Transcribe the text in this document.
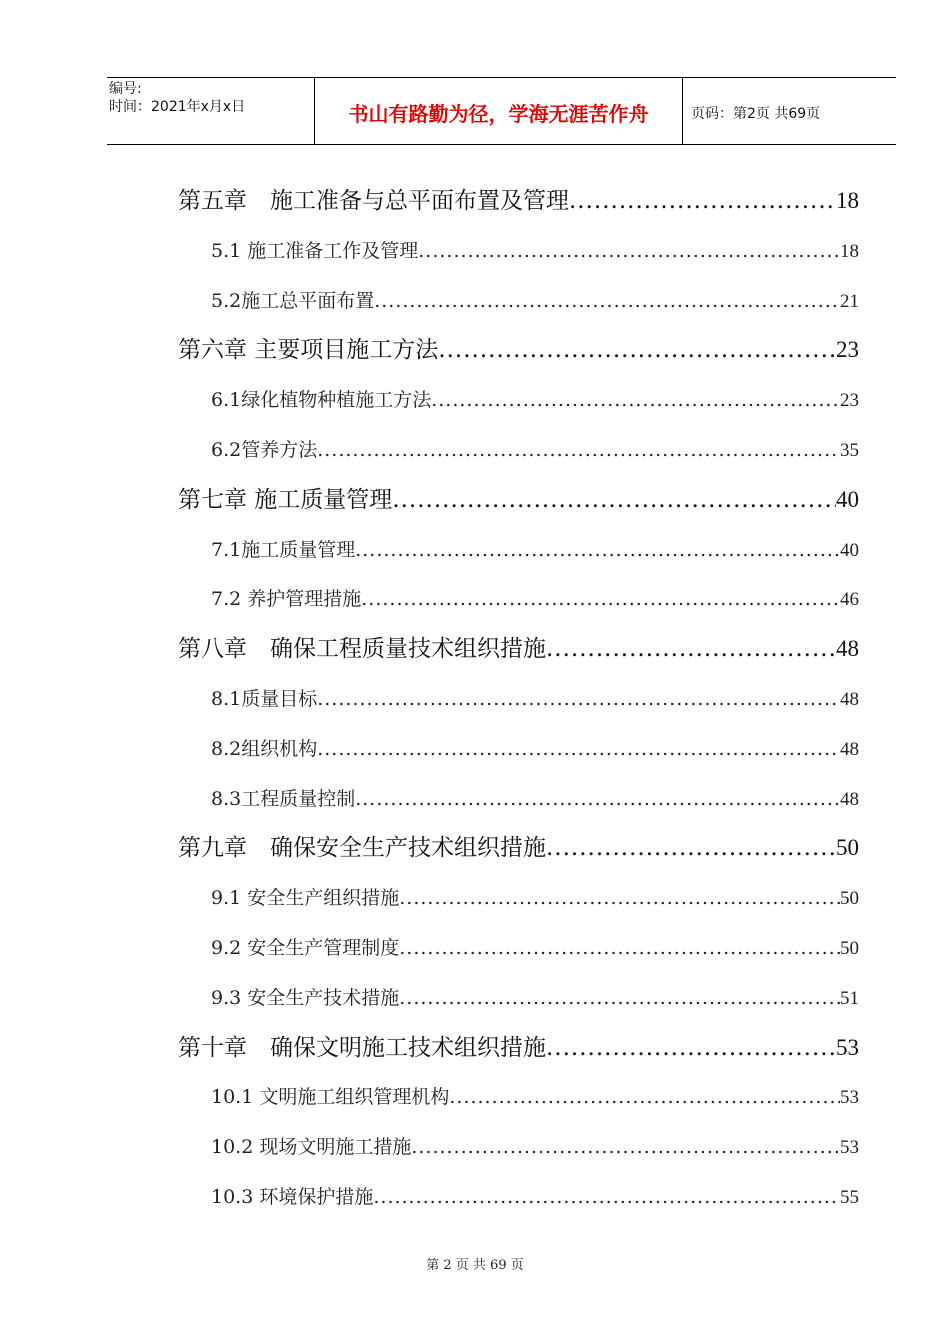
编号:
时间：2021年x月x日	书山有路勤为径，学海无涯苦作舟	页码：第2页 共69页
第五章　施工准备与总平面布置及管理 .....	18
5.1 施工准备工作及管理 .....	18
5.2施工总平面布置 .....	21
第六章 主要项目施工方法 .....	23
6.1绿化植物种植施工方法 .....	23
6.2管养方法 .....	35
第七章 施工质量管理 .....	40
7.1施工质量管理 .....	40
7.2 养护管理措施 .....	46
第八章　确保工程质量技术组织措施 .....	48
8.1质量目标 .....	48
8.2组织机构 .....	48
8.3工程质量控制 .....	48
第九章　确保安全生产技术组织措施 .....	50
9.1 安全生产组织措施 .....	50
9.2 安全生产管理制度 .....	50
9.3 安全生产技术措施 .....	51
第十章　确保文明施工技术组织措施 .....	53
10.1 文明施工组织管理机构 .....	53
10.2 现场文明施工措施 .....	53
10.3 环境保护措施 .....	55
第 2 页 共 69 页
